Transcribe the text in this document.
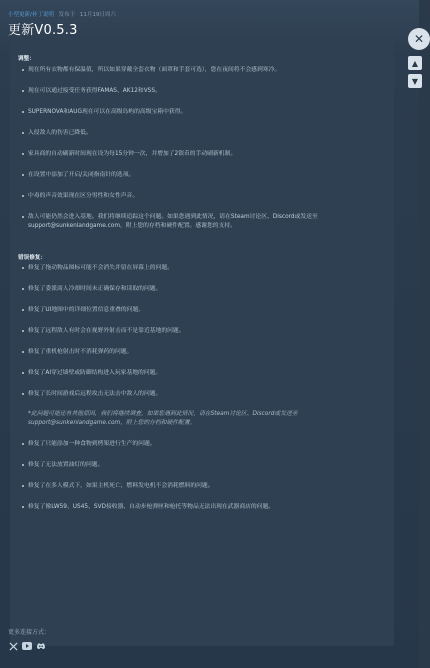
小型更新/补丁说明 发布于 11月19日周六
更新V0.5.3
调整：
现在所有衣物都有保温值，所以如果穿戴全套衣物（面罩和手套可选），您在夜间将不会感到寒冷。
现在可以通过接受任务获得FAMAS、AK12和VSS。
SUPERNOVA和AUG现在可以在高级岛屿的高级宝箱中获得。
入侵敌人的伤害已降低。
家具商的自动刷新时间现在设为每15分钟一次，并增加了2银币的手动刷新机制。
在设置中添加了开启/关闭指南针的选项。
中毒的声音效果现在区分男性和女性声音。
敌人可能仍然会进入基地。我们将继续追踪这个问题。如果您遇到此情况，请在Steam讨论区、Discord或发送至support@sunkenlandgame.com，附上您的存档和硬件配置。感谢您的支持。
错误修复：
修复了拖动物品图标可能不会消失并留在屏幕上的问题。
修复了委派商人冷却时间未正确保存和读取的问题。
修复了UI地图中的详细位置信息重叠的问题。
修复了远程敌人有时会在视野外射击而不是靠近基地的问题。
修复了重机枪射击时不消耗弹药的问题。
修复了AI穿过墙壁或防御结构进入玩家基地的问题。
修复了长时间游戏后远程攻击无法击中敌人的问题。
*此问题可能还有其他原因，我们将继续调查。如果您遇到此情况，请在Steam讨论区、Discord或发送至support@sunkenlandgame.com，附上您的存档和硬件配置。
修复了只能添加一种食物到烤架进行生产的问题。
修复了无法放置油灯的问题。
修复了在多人模式下，如果主机死亡，燃料发电机不会消耗燃料的问题。
修复了像LW59、US45、SVD接收器、自动步枪弹匣和枪托等物品无法出现在武器商店的问题。
更多连接方式：
✕
▲
▼
